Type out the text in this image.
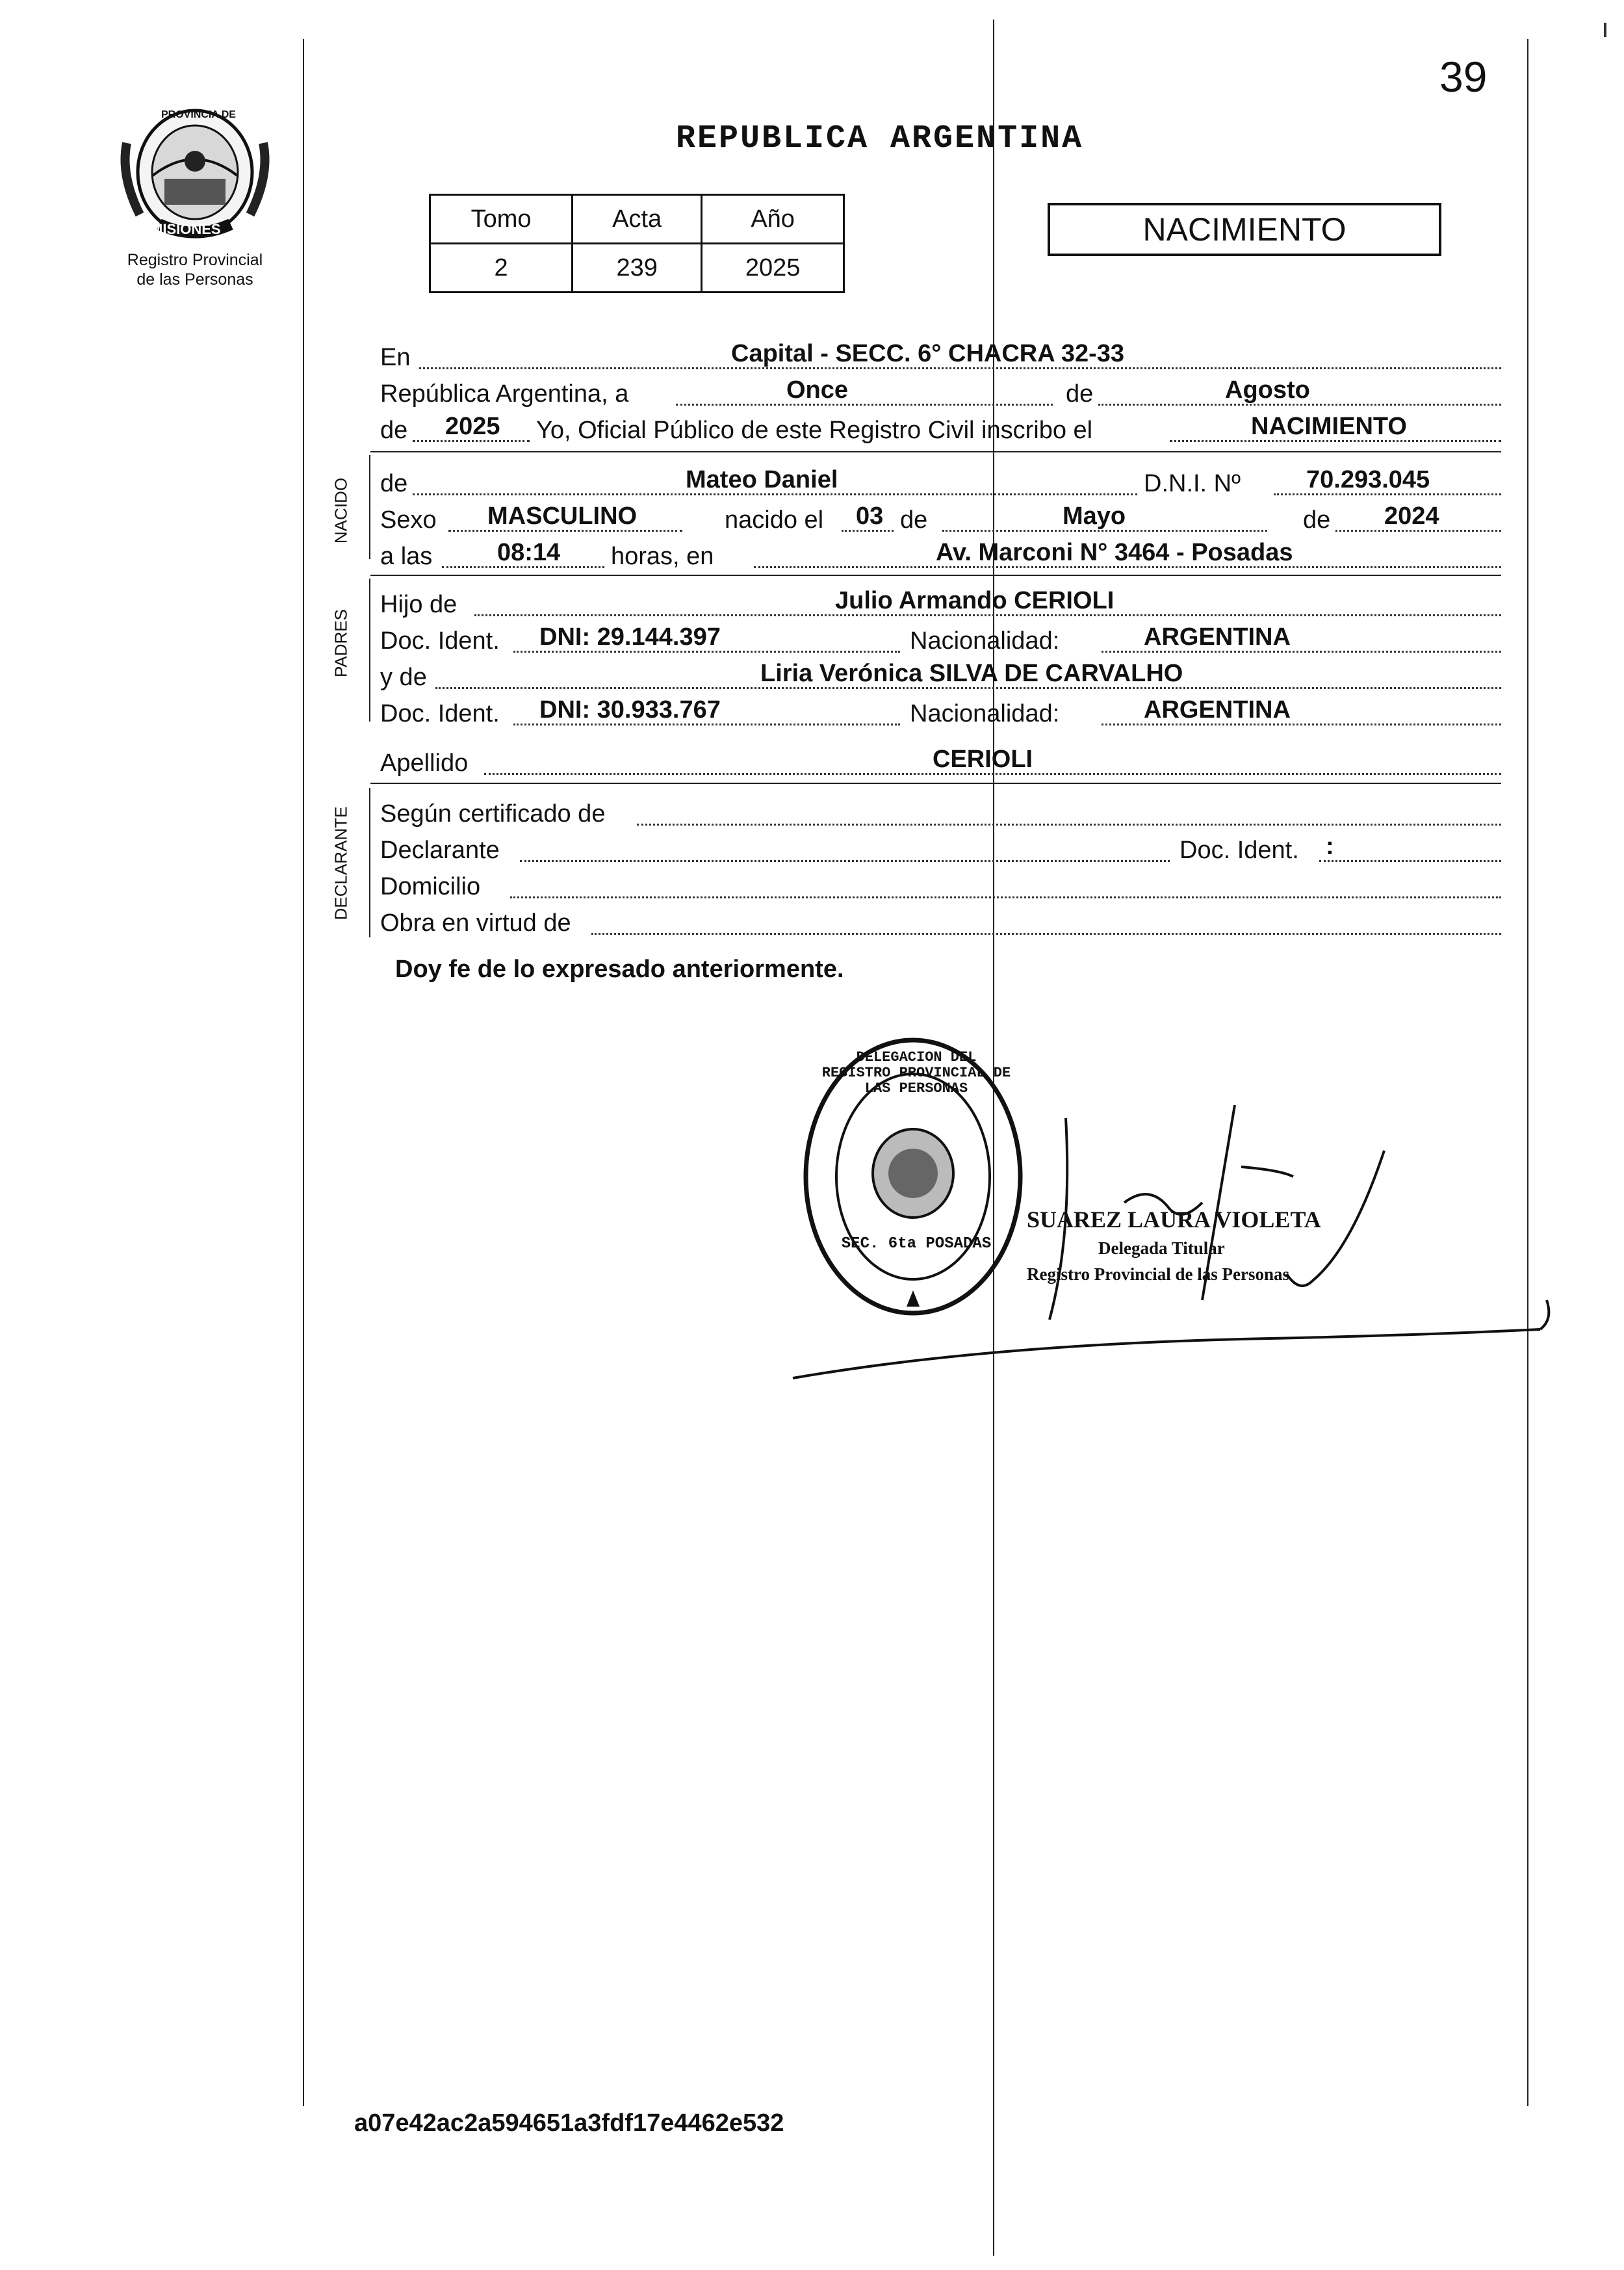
39
PROVINCIA DE
MISIONES
Registro Provincial
de las Personas
REPUBLICA ARGENTINA
Tomo	Acta	Año
2	239	2025
NACIMIENTO
En	Capital - SECC. 6° CHACRA 32-33
República Argentina, a	Once	de	Agosto
de 2025 Yo, Oficial Público de este Registro Civil inscribo el	NACIMIENTO
NACIDO de	Mateo Daniel	D.N.I. Nº	70.293.045
Sexo MASCULINO	nacido el 03 de	Mayo	de 2024
a las	08:14 horas, en	Av. Marconi N° 3464 - Posadas
PADRES
Hijo de	Julio Armando CERIOLI
Doc. Ident. DNI: 29.144.397	Nacionalidad:	ARGENTINA
y de	Liria Verónica SILVA DE CARVALHO
Doc. Ident. DNI: 30.933.767	Nacionalidad:	ARGENTINA
Apellido	CERIOLI
DECLARANTE Según certificado de
Declarante	Doc. Ident. :
Domicilio
Obra en virtud de
Doy fe de lo expresado anteriormente.
DELEGACION DEL REGISTRO PROVINCIAL DE LAS PERSONAS
SEC. 6ta POSADAS
SUAREZ LAURA VIOLETA
Delegada Titular
Registro Provincial de las Personas
a07e42ac2a594651a3fdf17e4462e532
